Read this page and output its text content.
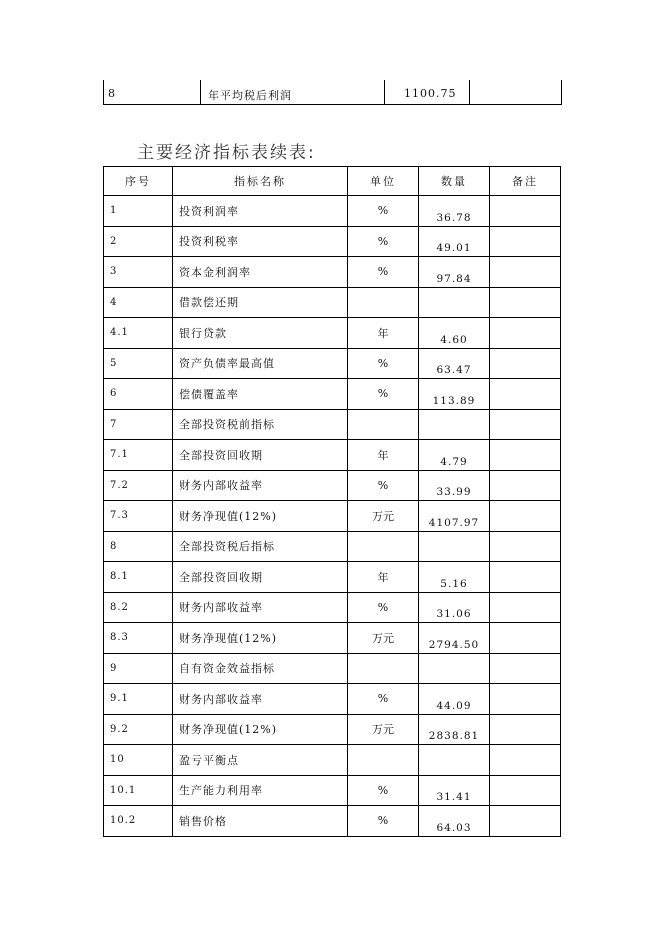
8	年平均税后利润	1100.75
主要经济指标表续表:
序号	指标名称	单位	数量	备注
1	投资利润率	%	36.78	
2	投资利税率	%	49.01	
3	资本金利润率	%	97.84	
4	借款偿还期			
4.1	银行贷款	年	4.60	
5	资产负债率最高值	%	63.47	
6	偿债覆盖率	%	113.89	
7	全部投资税前指标			
7.1	全部投资回收期	年	4.79	
7.2	财务内部收益率	%	33.99	
7.3	财务净现值(12%)	万元	4107.97	
8	全部投资税后指标			
8.1	全部投资回收期	年	5.16	
8.2	财务内部收益率	%	31.06	
8.3	财务净现值(12%)	万元	2794.50	
9	自有资金效益指标			
9.1	财务内部收益率	%	44.09	
9.2	财务净现值(12%)	万元	2838.81	
10	盈亏平衡点			
10.1	生产能力利用率	%	31.41	
10.2	销售价格	%	64.03	
